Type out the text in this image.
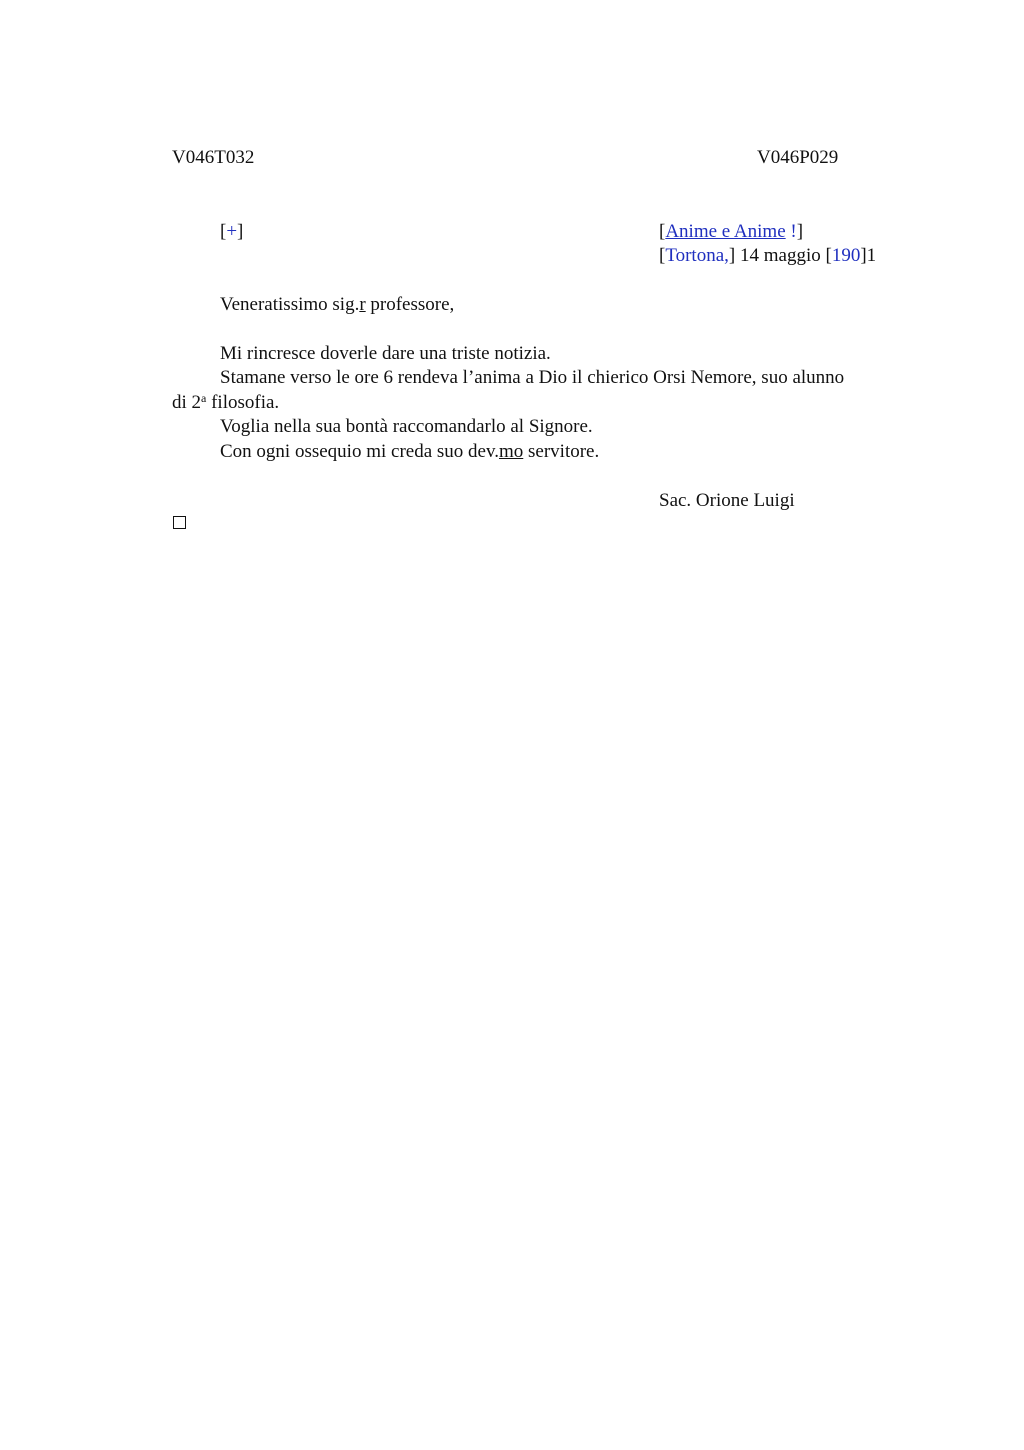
V046T032	V046P029
[+]	[Anime e Anime !]
[Tortona,] 14 maggio [190]1
Veneratissimo sig.r professore,
Mi rincresce doverle dare una triste notizia.
Stamane verso le ore 6 rendeva l’anima a Dio il chierico Orsi Nemore, suo alunno
di 2$^a$ filosofia.
Voglia nella sua bontà raccomandarlo al Signore.
Con ogni ossequio mi creda suo dev.mo servitore.
Sac. Orione Luigi
